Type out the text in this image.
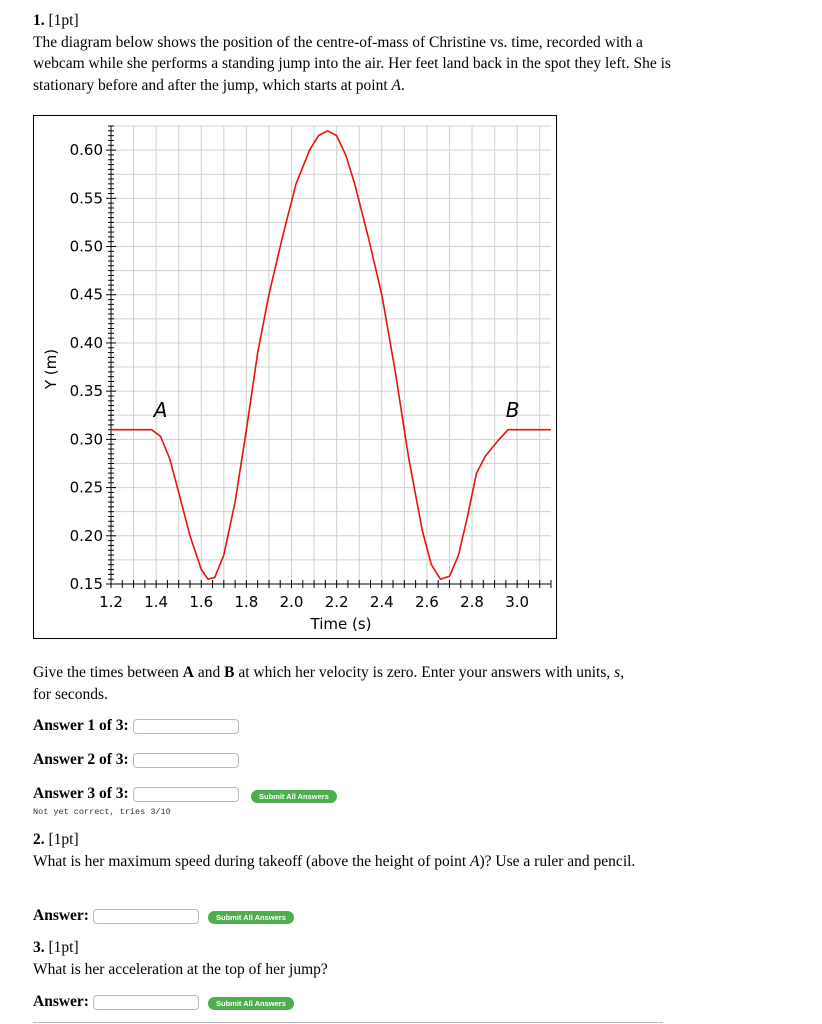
1. [1pt]
The diagram below shows the position of the centre-of-mass of Christine vs. time, recorded with a webcam while she performs a standing jump into the air. Her feet land back in the spot they left. She is stationary before and after the jump, which starts at point A.
0.60
0.55
0.50
0.45
0.40
0.35
0.30
0.25
0.20
0.15
1.2 1.4 1.6 1.8 2.0 2.2 2.4 2.6 2.8 3.0
Time (s)
Y (m)
A	B
Give the times between A and B at which her velocity is zero. Enter your answers with units, s, for seconds.
Answer 1 of 3:
Answer 2 of 3:
Answer 3 of 3:	Submit All Answers
Not yet correct, tries 3/10
2. [1pt]
What is her maximum speed during takeoff (above the height of point A)? Use a ruler and pencil.
Answer:	Submit All Answers
3. [1pt]
What is her acceleration at the top of her jump?
Answer:	Submit All Answers
